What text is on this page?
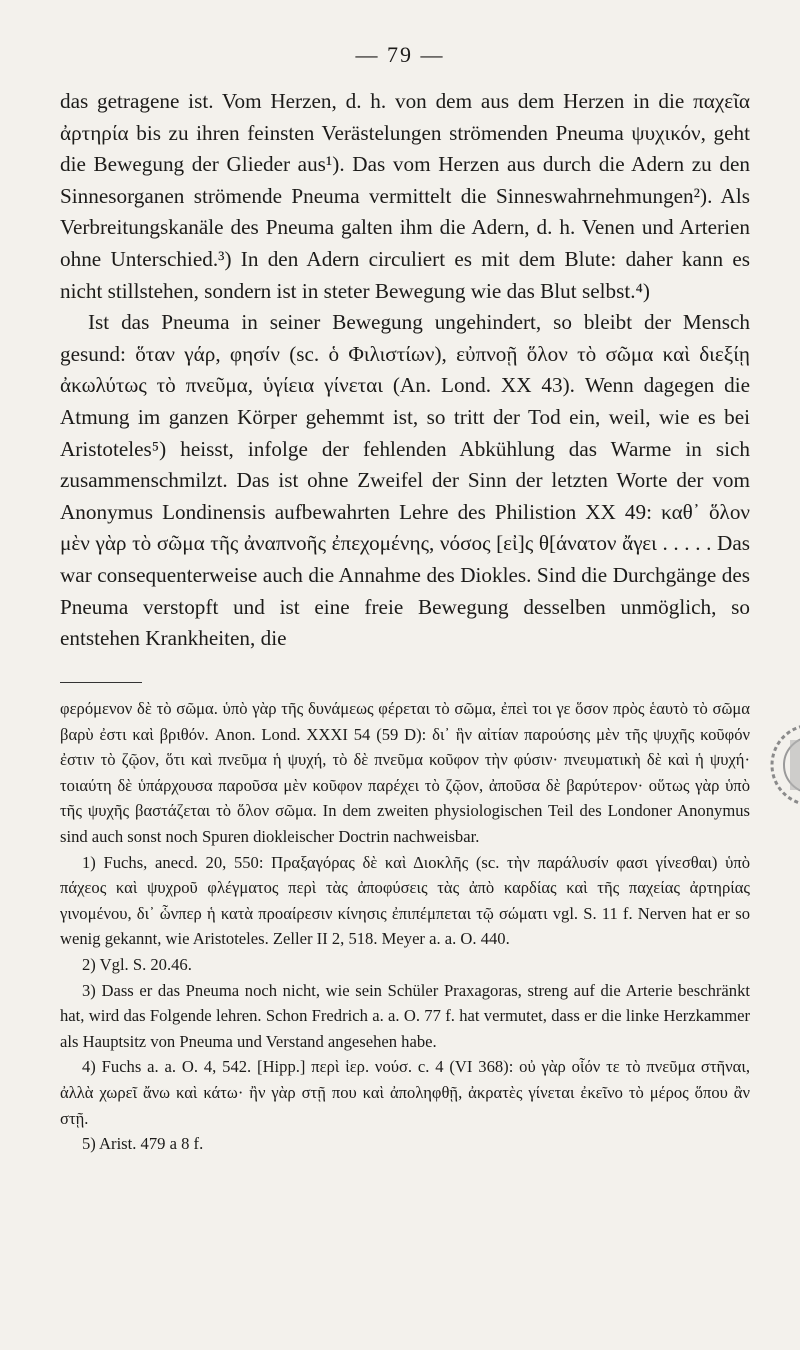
— 79 —

das getragene ist. Vom Herzen, d. h. von dem aus dem Herzen in die παχεῖα ἀρτηρία bis zu ihren feinsten Verästelungen strömenden Pneuma ψυχικόν, geht die Bewegung der Glieder aus¹). Das vom Herzen aus durch die Adern zu den Sinnesorganen strömende Pneuma vermittelt die Sinneswahrnehmungen²). Als Verbreitungskanäle des Pneuma galten ihm die Adern, d. h. Venen und Arterien ohne Unterschied.³) In den Adern circuliert es mit dem Blute: daher kann es nicht stillstehen, sondern ist in steter Bewegung wie das Blut selbst.⁴)

Ist das Pneuma in seiner Bewegung ungehindert, so bleibt der Mensch gesund: ὅταν γάρ, φησίν (sc. ὁ Φιλιστίων), εὐπνοῇ ὅλον τὸ σῶμα καὶ διεξίῃ ἀκωλύτως τὸ πνεῦμα, ὑγίεια γίνεται (An. Lond. XX 43). Wenn dagegen die Atmung im ganzen Körper gehemmt ist, so tritt der Tod ein, weil, wie es bei Aristoteles⁵) heisst, infolge der fehlenden Abkühlung das Warme in sich zusammenschmilzt. Das ist ohne Zweifel der Sinn der letzten Worte der vom Anonymus Londinensis aufbewahrten Lehre des Philistion XX 49: καθ᾽ ὅλον μὲν γὰρ τὸ σῶμα τῆς ἀναπνοῆς ἐπεχομένης, νόσος [εἰ]ς θ[άνατον ἄγει . . . . . Das war consequenterweise auch die Annahme des Diokles. Sind die Durchgänge des Pneuma verstopft und ist eine freie Bewegung desselben unmöglich, so entstehen Krankheiten, die

φερόμενον δὲ τὸ σῶμα. ὑπὸ γὰρ τῆς δυνάμεως φέρεται τὸ σῶμα, ἐπεὶ τοι γε ὅσον πρὸς ἑαυτὸ τὸ σῶμα βαρὺ ἐστι καὶ βριθόν. Anon. Lond. XXXI 54 (59 D): δι᾽ ἣν αἰτίαν παρούσης μὲν τῆς ψυχῆς κοῦφόν ἐστιν τὸ ζῷον, ὅτι καὶ πνεῦμα ἡ ψυχή, τὸ δὲ πνεῦμα κοῦφον τὴν φύσιν· πνευματικὴ δὲ καὶ ἡ ψυχή· τοιαύτη δὲ ὑπάρχουσα παροῦσα μὲν κοῦφον παρέχει τὸ ζῷον, ἀποῦσα δὲ βαρύτερον· οὕτως γὰρ ὑπὸ τῆς ψυχῆς βαστάζεται τὸ ὅλον σῶμα. In dem zweiten physiologischen Teil des Londoner Anonymus sind auch sonst noch Spuren diokleischer Doctrin nachweisbar.

1) Fuchs, anecd. 20, 550: Πραξαγόρας δὲ καὶ Διοκλῆς (sc. τὴν παράλυσίν φασι γίνεσθαι) ὑπὸ πάχεος καὶ ψυχροῦ φλέγματος περὶ τὰς ἀποφύσεις τὰς ἀπὸ καρδίας καὶ τῆς παχείας ἀρτηρίας γινομένου, δι᾽ ὧνπερ ἡ κατὰ προαίρεσιν κίνησις ἐπιπέμπεται τῷ σώματι vgl. S. 11 f. Nerven hat er so wenig gekannt, wie Aristoteles. Zeller II 2, 518. Meyer a. a. O. 440.

2) Vgl. S. 20.46.

3) Dass er das Pneuma noch nicht, wie sein Schüler Praxagoras, streng auf die Arterie beschränkt hat, wird das Folgende lehren. Schon Fredrich a. a. O. 77 f. hat vermutet, dass er die linke Herzkammer als Hauptsitz von Pneuma und Verstand angesehen habe.

4) Fuchs a. a. O. 4, 542. [Hipp.] περὶ ἱερ. νούσ. c. 4 (VI 368): οὐ γὰρ οἷόν τε τὸ πνεῦμα στῆναι, ἀλλὰ χωρεῖ ἄνω καὶ κάτω· ἢν γὰρ στῇ που καὶ ἀποληφθῇ, ἀκρατὲς γίνεται ἐκεῖνο τὸ μέρος ὅπου ἂν στῇ.

5) Arist. 479 a 8 f.
